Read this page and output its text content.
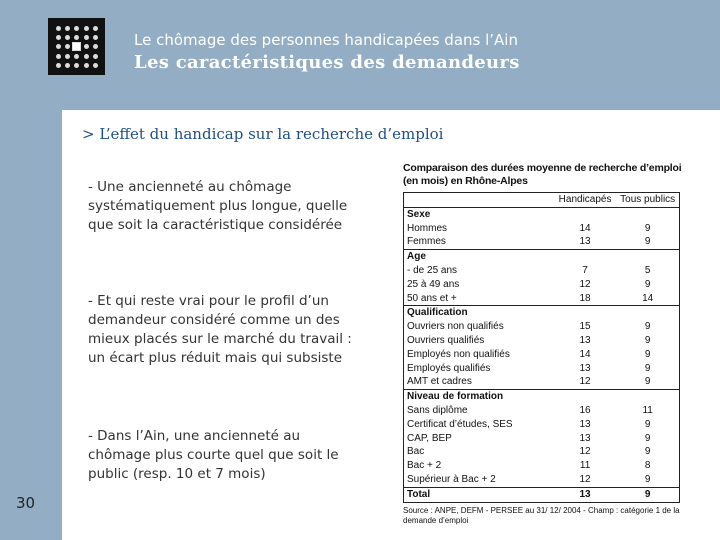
Le chômage des personnes handicapées dans l’Ain
Les caractéristiques des demandeurs
> L’effet du handicap sur la recherche d’emploi
- Une ancienneté au chômage systématiquement plus longue, quelle que soit la caractéristique considérée
- Et qui reste vrai pour le profil d’un demandeur considéré comme un des mieux placés sur le marché du travail : un écart plus réduit mais qui subsiste
- Dans l’Ain, une ancienneté au chômage plus courte quel que soit le public (resp. 10 et 7 mois)
30
Comparaison des durées moyenne de recherche d’emploi (en mois) en Rhône-Alpes
	Handicapés	Tous publics
Sexe		
Hommes	14	9
Femmes	13	9
Age		
- de 25 ans	7	5
25 à 49 ans	12	9
50 ans et +	18	14
Qualification		
Ouvriers non qualifiés	15	9
Ouvriers qualifiés	13	9
Employés non qualifiés	14	9
Employés qualifiés	13	9
AMT et cadres	12	9
Niveau de formation		
Sans diplôme	16	11
Certificat d’études, SES	13	9
CAP, BEP	13	9
Bac	12	9
Bac + 2	11	8
Supérieur à Bac + 2	12	9
Total	13	9
Source : ANPE, DEFM - PERSEE au 31/ 12/ 2004 - Champ : catégorie 1 de la demande d’emploi
